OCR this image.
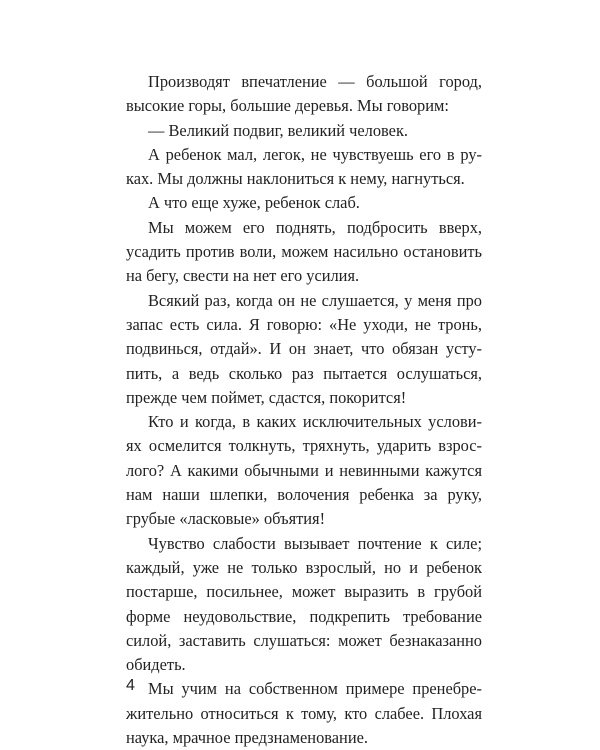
Производят впечатление — большой город,
высокие горы, большие деревья. Мы говорим:
— Великий подвиг, великий человек.
А ребенок мал, легок, не чувствуешь его в ру-
ках. Мы должны наклониться к нему, нагнуться.
А что еще хуже, ребенок слаб.
Мы можем его поднять, подбросить вверх,
усадить против воли, можем насильно остановить
на бегу, свести на нет его усилия.
Всякий раз, когда он не слушается, у меня про
запас есть сила. Я говорю: «Не уходи, не тронь,
подвинься, отдай». И он знает, что обязан усту-
пить, а ведь сколько раз пытается ослушаться,
прежде чем поймет, сдастся, покорится!
Кто и когда, в каких исключительных услови-
ях осмелится толкнуть, тряхнуть, ударить взрос-
лого? А какими обычными и невинными кажутся
нам наши шлепки, волочения ребенка за руку,
грубые «ласковые» объятия!
Чувство слабости вызывает почтение к силе;
каждый, уже не только взрослый, но и ребенок
постарше, посильнее, может выразить в грубой
форме неудовольствие, подкрепить требование
силой, заставить слушаться: может безнаказанно
обидеть.
Мы учим на собственном примере пренебре-
жительно относиться к тому, кто слабее. Плохая
наука, мрачное предзнаменование.
4
